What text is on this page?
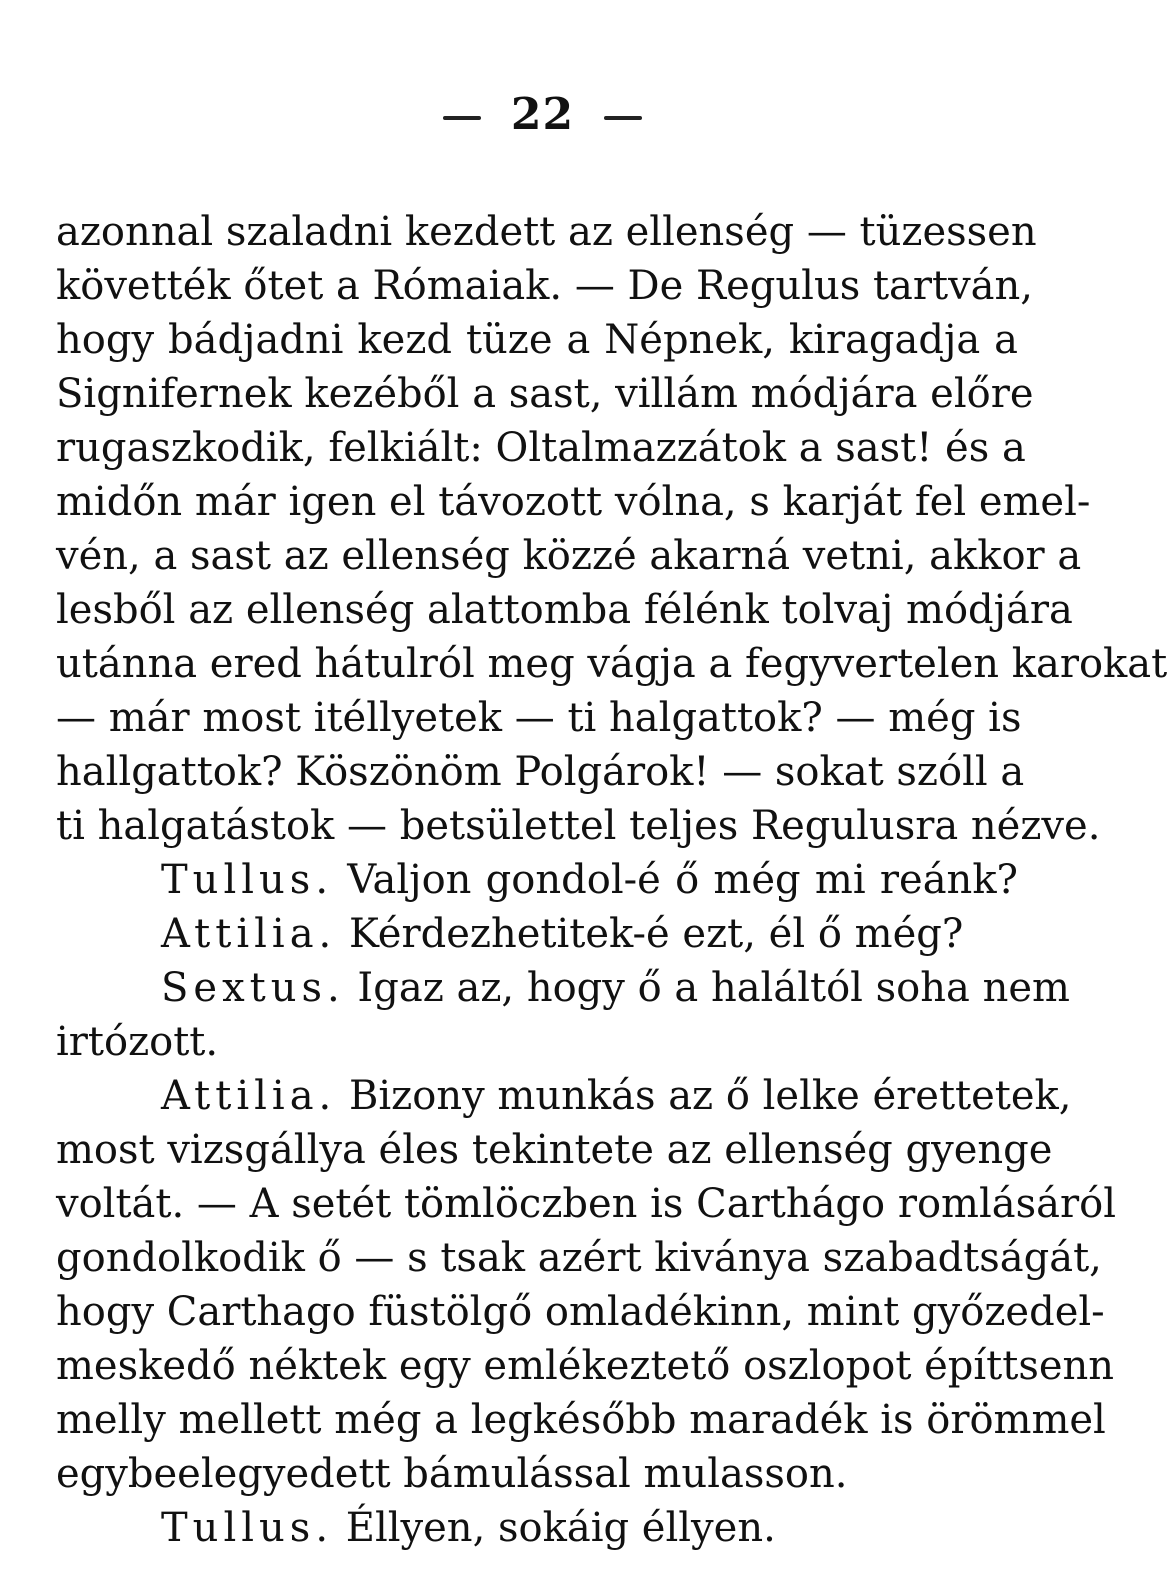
22
azonnal szaladni kezdett az ellenség — tüzessen
követték őtet a Rómaiak. — De Regulus tartván,
hogy bádjadni kezd tüze a Népnek, kiragadja a
Signifernek kezéből a sast, villám módjára előre
rugaszkodik, felkiált: Oltalmazzátok a sast! és a
midőn már igen el távozott vólna, s karját fel emel-
vén, a sast az ellenség közzé akarná vetni, akkor a
lesből az ellenség alattomba félénk tolvaj módjára
utánna ered hátulról meg vágja a fegyvertelen karokat
— már most itéllyetek — ti halgattok? — még is
hallgattok? Köszönöm Polgárok! — sokat szóll a
ti halgatástok — betsülettel teljes Regulusra nézve.
Tullus. Valjon gondol-é ő még mi reánk?
Attilia. Kérdezhetitek-é ezt, él ő még?
Sextus. Igaz az, hogy ő a haláltól soha nem
irtózott.
Attilia. Bizony munkás az ő lelke érettetek,
most vizsgállya éles tekintete az ellenség gyenge
voltát. — A setét tömlöczben is Carthágo romlásáról
gondolkodik ő — s tsak azért kiványa szabadtságát,
hogy Carthago füstölgő omladékinn, mint győzedel-
meskedő néktek egy emlékeztető oszlopot építtsenn
melly mellett még a legkésőbb maradék is örömmel
egybeelegyedett bámulással mulasson.
Tullus. Éllyen, sokáig éllyen.
